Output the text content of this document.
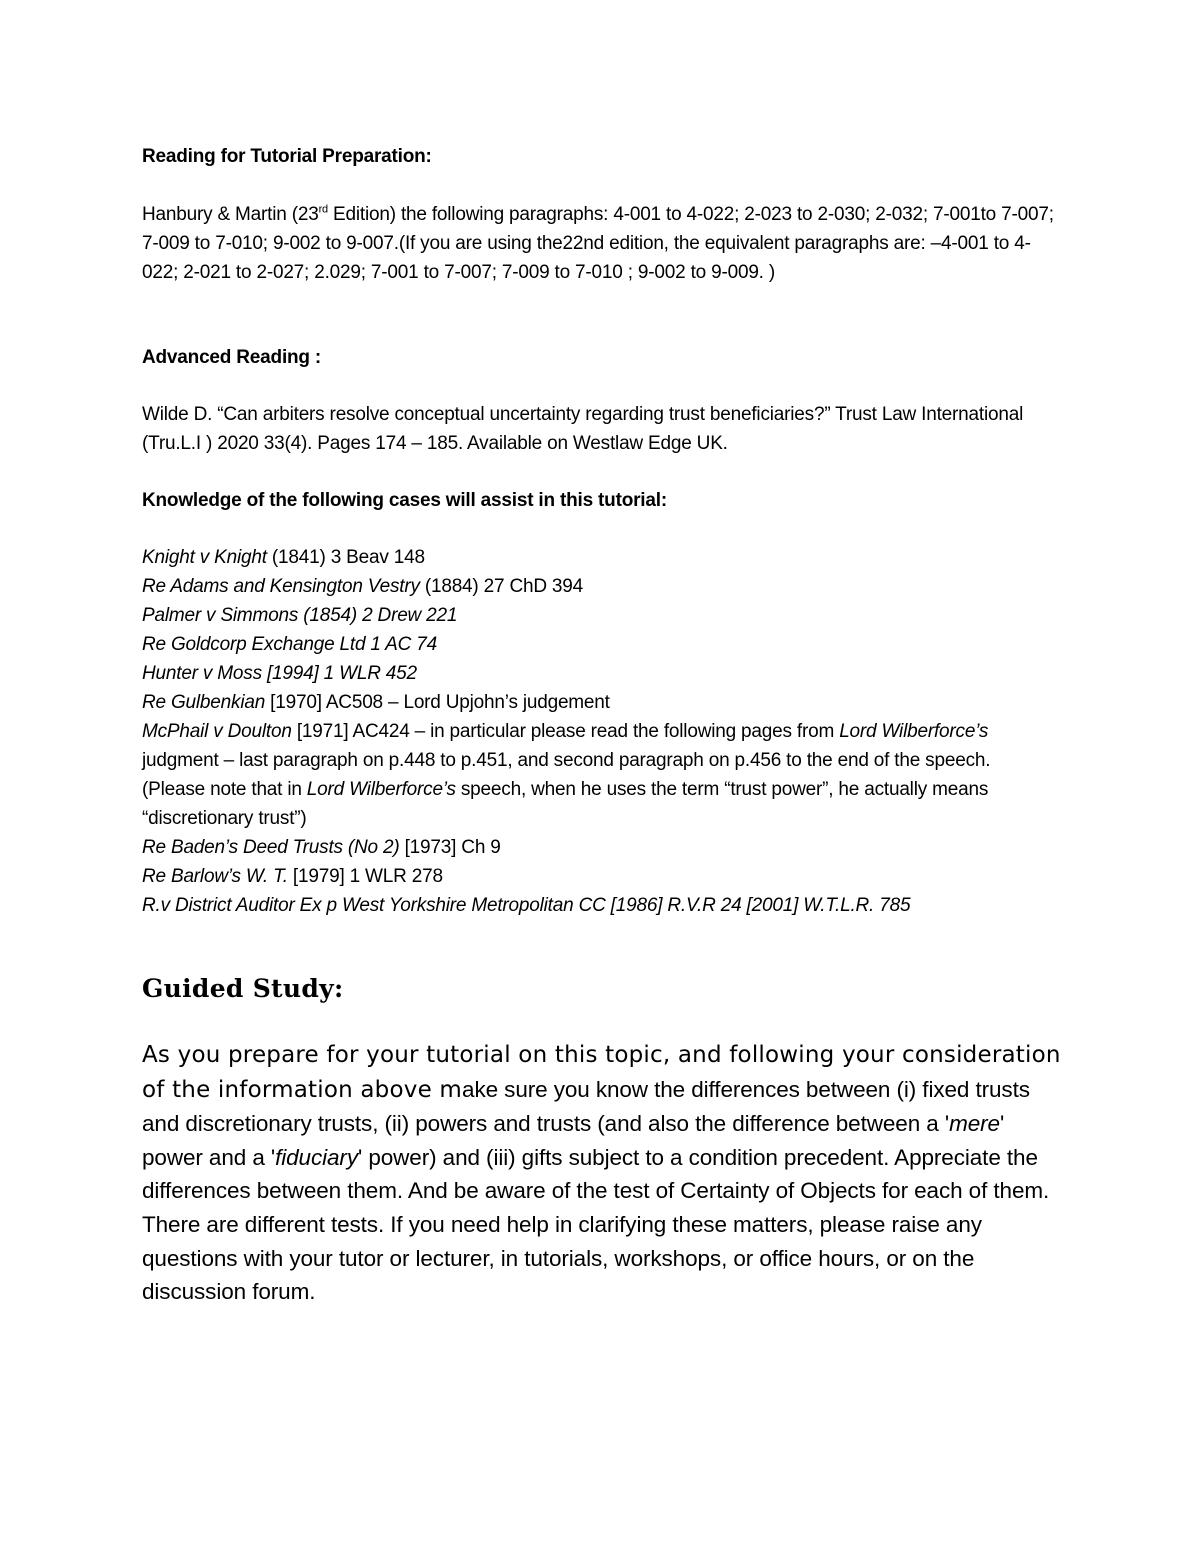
Reading for Tutorial Preparation:

Hanbury & Martin (23rd Edition) the following paragraphs: 4-001 to 4-022; 2-023 to 2-030; 2-032; 7-001to 7-007; 7-009 to 7-010; 9-002 to 9-007.(If you are using the22nd edition, the equivalent paragraphs are: –4-001 to 4-022; 2-021 to 2-027; 2.029; 7-001 to 7-007; 7-009 to 7-010 ; 9-002 to 9-009. )

Advanced Reading :

Wilde D. “Can arbiters resolve conceptual uncertainty regarding trust beneficiaries?” Trust Law International (Tru.L.I ) 2020 33(4). Pages 174 – 185. Available on Westlaw Edge UK.

Knowledge of the following cases will assist in this tutorial:

Knight v Knight (1841) 3 Beav 148
Re Adams and Kensington Vestry (1884) 27 ChD 394
Palmer v Simmons (1854) 2 Drew 221
Re Goldcorp Exchange Ltd 1 AC 74
Hunter v Moss [1994] 1 WLR 452
Re Gulbenkian [1970] AC508 – Lord Upjohn’s judgement
McPhail v Doulton [1971] AC424 – in particular please read the following pages from Lord Wilberforce’s judgment – last paragraph on p.448 to p.451, and second paragraph on p.456 to the end of the speech. (Please note that in Lord Wilberforce’s speech, when he uses the term “trust power”, he actually means “discretionary trust”)
Re Baden’s Deed Trusts (No 2) [1973] Ch 9
Re Barlow’s W. T. [1979] 1 WLR 278
R.v District Auditor Ex p West Yorkshire Metropolitan CC [1986] R.V.R 24 [2001] W.T.L.R. 785

Guided Study:

As you prepare for your tutorial on this topic, and following your consideration of the information above make sure you know the differences between (i) fixed trusts and discretionary trusts, (ii) powers and trusts (and also the difference between a 'mere' power and a 'fiduciary' power) and (iii) gifts subject to a condition precedent. Appreciate the differences between them. And be aware of the test of Certainty of Objects for each of them. There are different tests. If you need help in clarifying these matters, please raise any questions with your tutor or lecturer, in tutorials, workshops, or office hours, or on the discussion forum.
